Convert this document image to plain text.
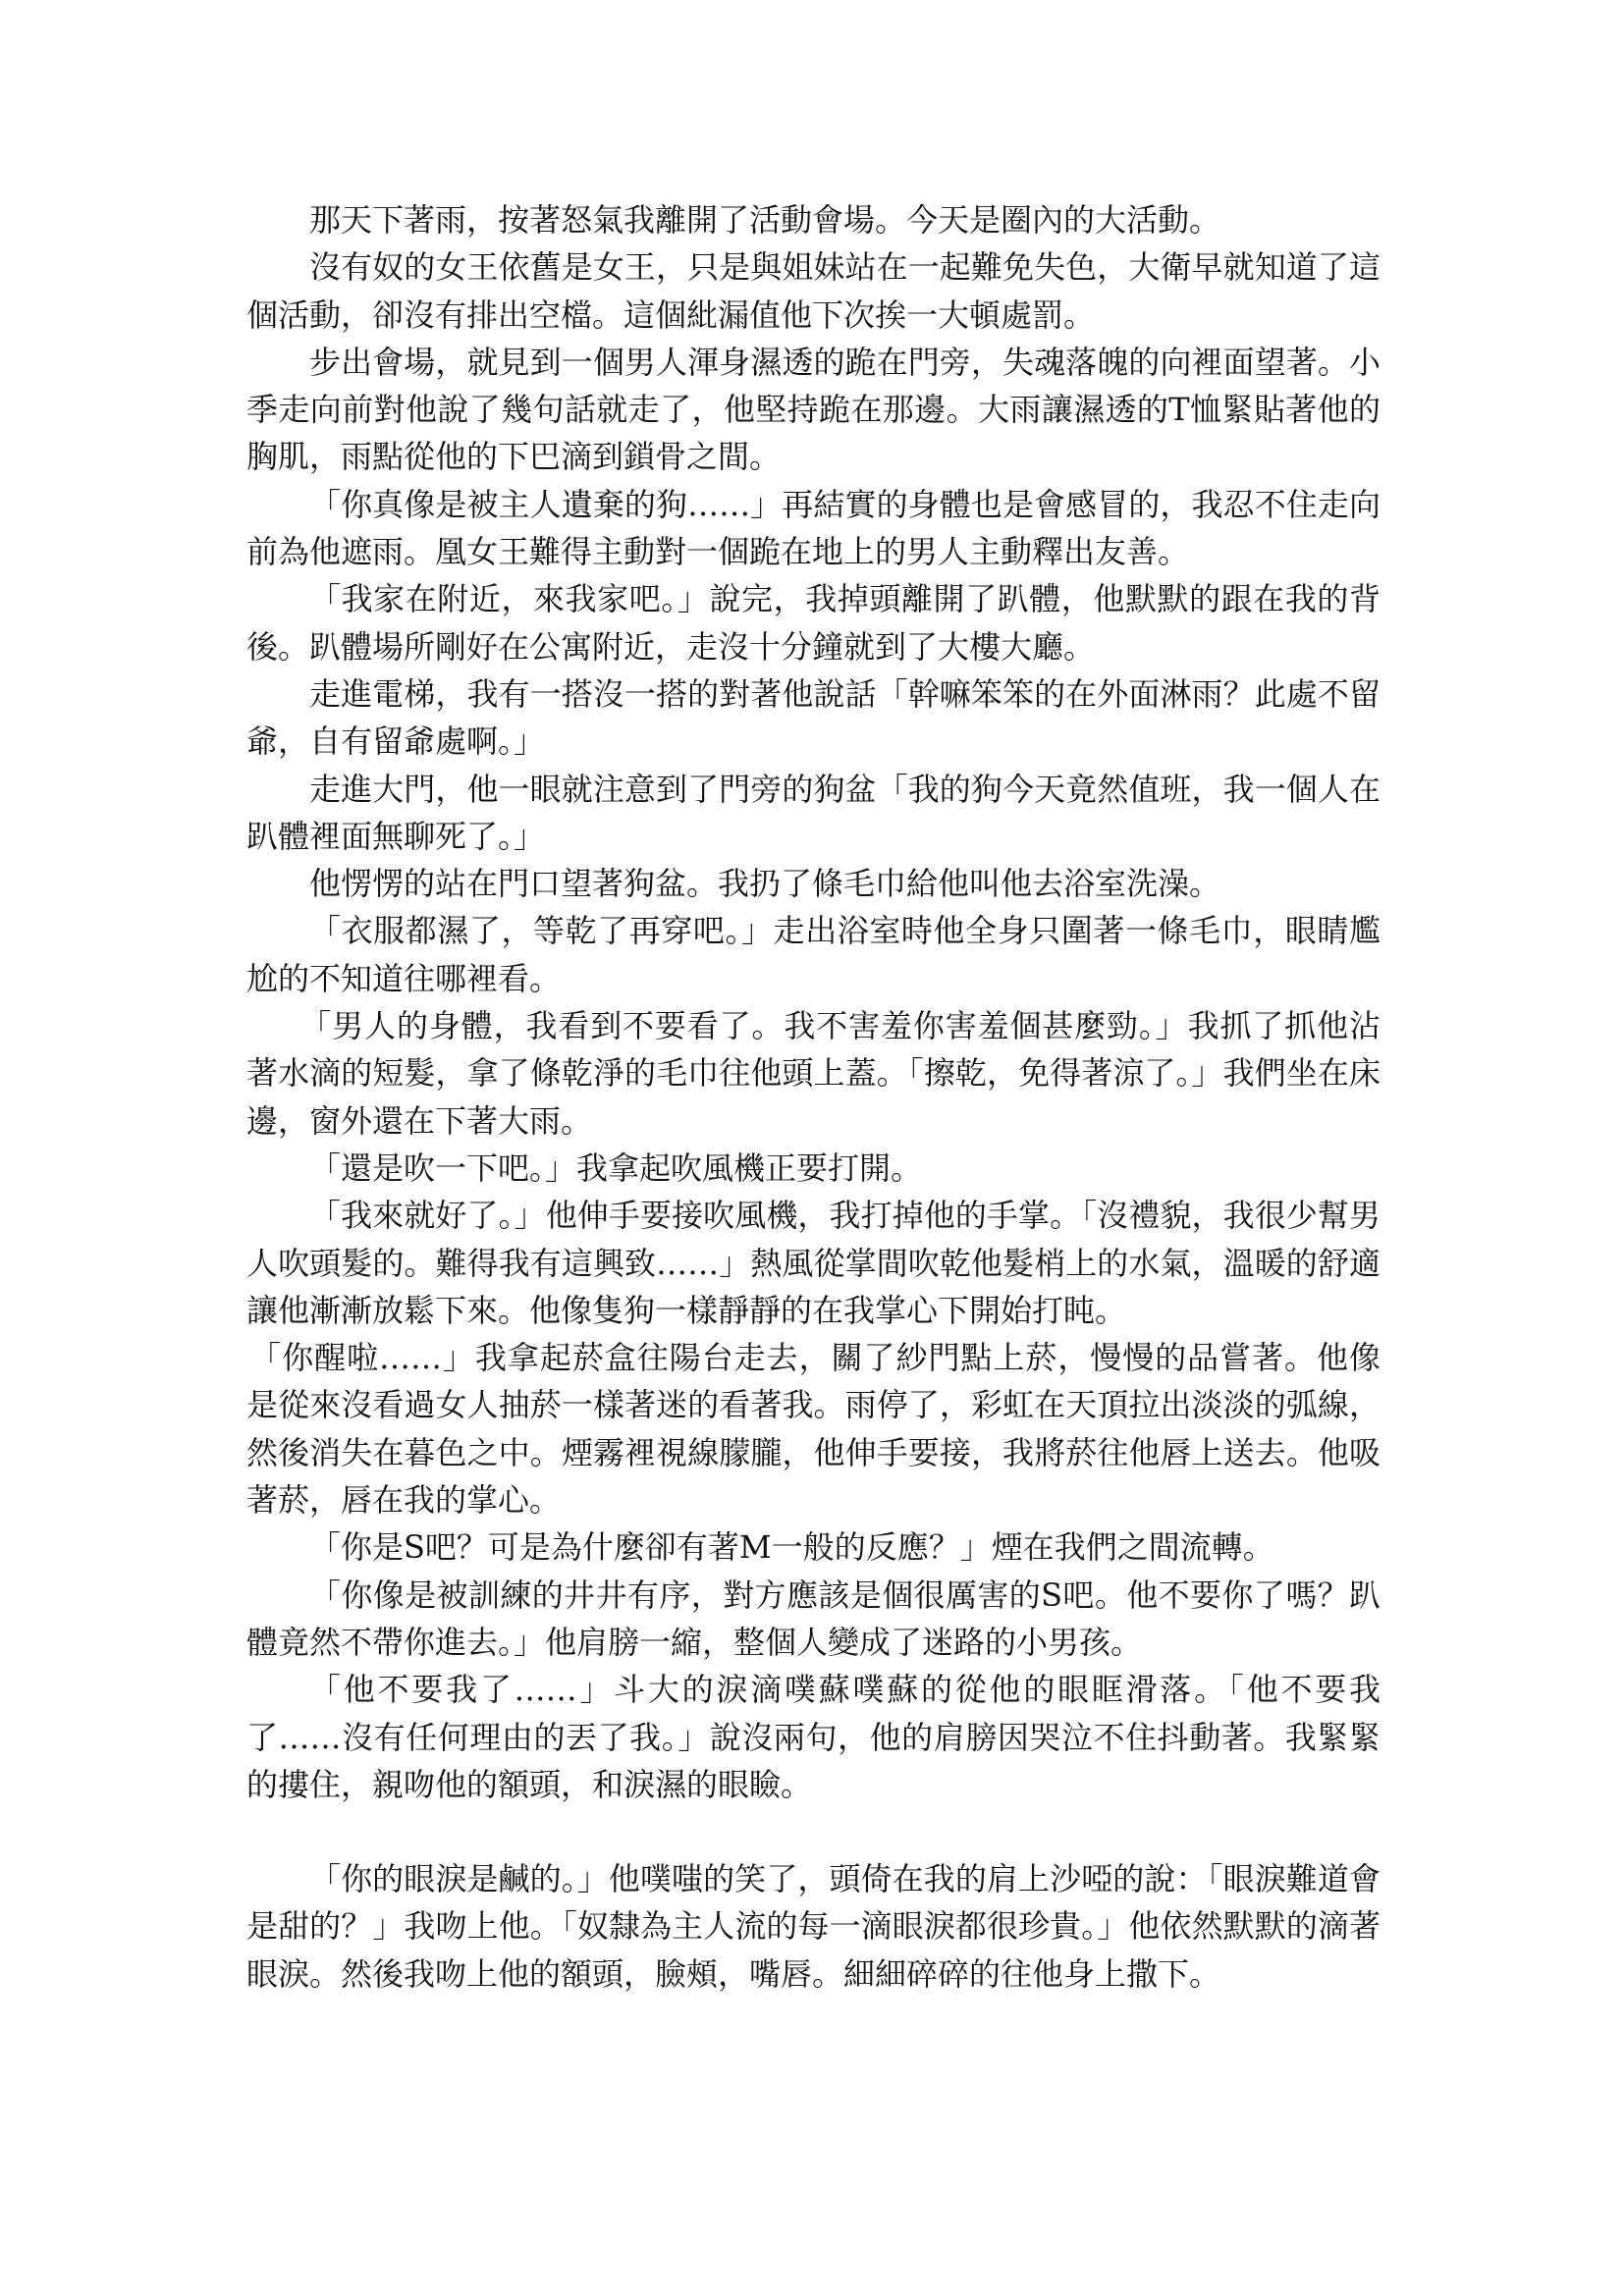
那天下著雨，按著怒氣我離開了活動會場。今天是圈內的大活動。

沒有奴的女王依舊是女王，只是與姐妹站在一起難免失色，大衛早就知道了這個活動，卻沒有排出空檔。這個紕漏值他下次挨一大頓處罰。

步出會場，就見到一個男人渾身濕透的跪在門旁，失魂落魄的向裡面望著。小季走向前對他說了幾句話就走了，他堅持跪在那邊。大雨讓濕透的T恤緊貼著他的胸肌，雨點從他的下巴滴到鎖骨之間。

「你真像是被主人遺棄的狗……」再結實的身體也是會感冒的，我忍不住走向前為他遮雨。凰女王難得主動對一個跪在地上的男人主動釋出友善。

「我家在附近，來我家吧。」說完，我掉頭離開了趴體，他默默的跟在我的背後。趴體場所剛好在公寓附近，走沒十分鐘就到了大樓大廳。

走進電梯，我有一搭沒一搭的對著他說話「幹嘛笨笨的在外面淋雨？此處不留爺，自有留爺處啊。」

走進大門，他一眼就注意到了門旁的狗盆「我的狗今天竟然值班，我一個人在趴體裡面無聊死了。」

他愣愣的站在門口望著狗盆。我扔了條毛巾給他叫他去浴室洗澡。

「衣服都濕了，等乾了再穿吧。」走出浴室時他全身只圍著一條毛巾，眼睛尷尬的不知道往哪裡看。

「男人的身體，我看到不要看了。我不害羞你害羞個甚麼勁。」我抓了抓他沾著水滴的短髮，拿了條乾淨的毛巾往他頭上蓋。「擦乾，免得著涼了。」我們坐在床邊，窗外還在下著大雨。

「還是吹一下吧。」我拿起吹風機正要打開。

「我來就好了。」他伸手要接吹風機，我打掉他的手掌。「沒禮貌，我很少幫男人吹頭髮的。難得我有這興致……」熱風從掌間吹乾他髮梢上的水氣，溫暖的舒適讓他漸漸放鬆下來。他像隻狗一樣靜靜的在我掌心下開始打盹。

「你醒啦……」我拿起菸盒往陽台走去，關了紗門點上菸，慢慢的品嘗著。他像是從來沒看過女人抽菸一樣著迷的看著我。雨停了，彩虹在天頂拉出淡淡的弧線，然後消失在暮色之中。煙霧裡視線朦朧，他伸手要接，我將菸往他唇上送去。他吸著菸，唇在我的掌心。

「你是S吧？可是為什麼卻有著M一般的反應？」煙在我們之間流轉。

「你像是被訓練的井井有序，對方應該是個很厲害的S吧。他不要你了嗎？趴體竟然不帶你進去。」他肩膀一縮，整個人變成了迷路的小男孩。

「他不要我了……」斗大的淚滴噗蘇噗蘇的從他的眼眶滑落。「他不要我了……沒有任何理由的丟了我。」說沒兩句，他的肩膀因哭泣不住抖動著。我緊緊的摟住，親吻他的額頭，和淚濕的眼瞼。

「你的眼淚是鹹的。」他噗嗤的笑了，頭倚在我的肩上沙啞的說：「眼淚難道會是甜的？」我吻上他。「奴隸為主人流的每一滴眼淚都很珍貴。」他依然默默的滴著眼淚。然後我吻上他的額頭，臉頰，嘴唇。細細碎碎的往他身上撒下。
